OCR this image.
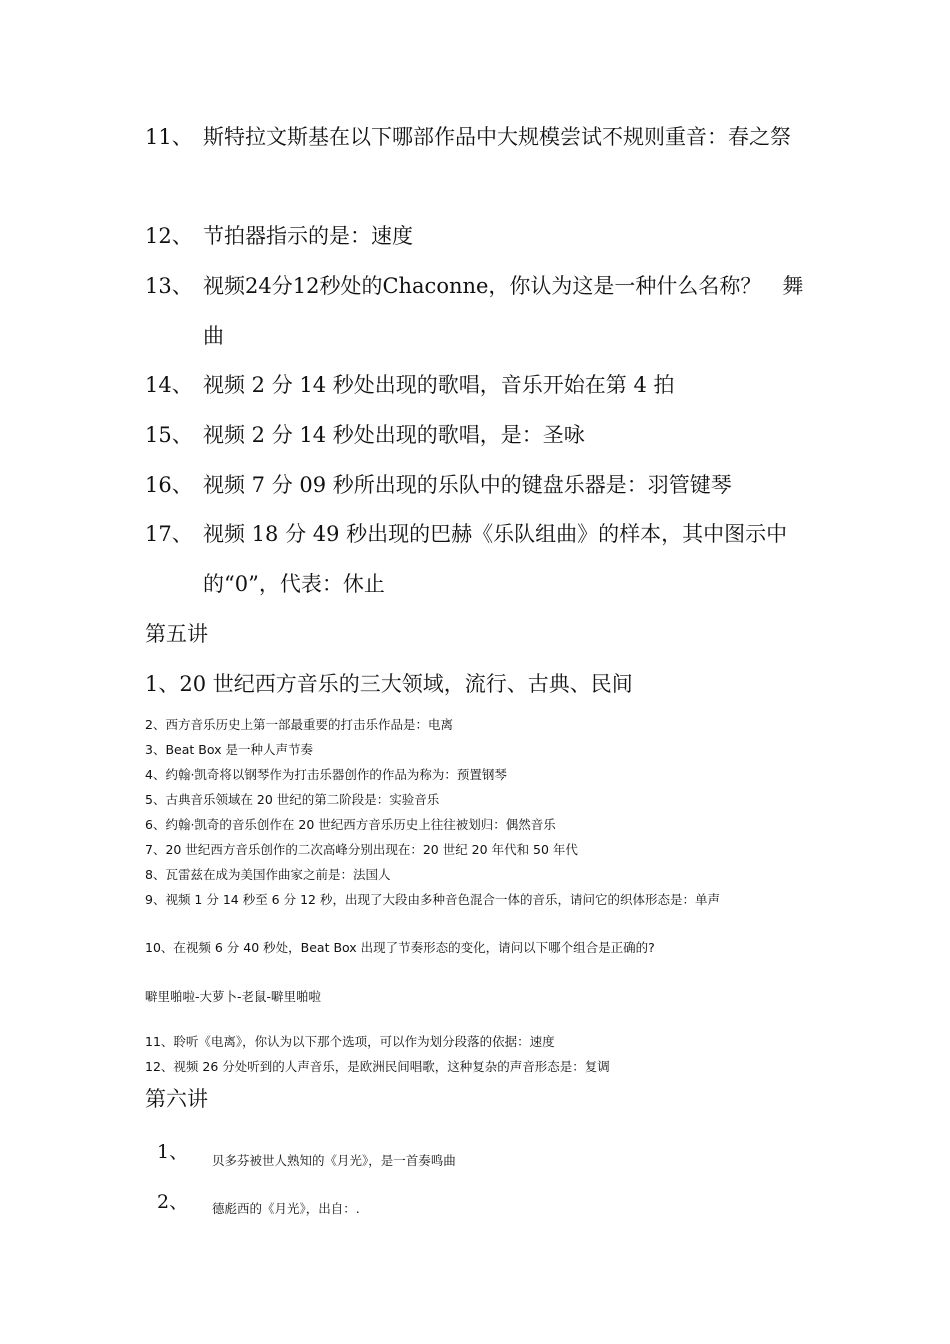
11、 斯特拉文斯基在以下哪部作品中大规模尝试不规则重音：春之祭
12、 节拍器指示的是：速度
13、 视频24分12秒处的Chaconne，你认为这是一种什么名称？　舞曲
14、 视频 2 分 14 秒处出现的歌唱，音乐开始在第 4 拍
15、 视频 2 分 14 秒处出现的歌唱，是：圣咏
16、 视频 7 分 09 秒所出现的乐队中的键盘乐器是：羽管键琴
17、 视频 18 分 49 秒出现的巴赫《乐队组曲》的样本，其中图示中的“0”，代表：休止
第五讲
1、20 世纪西方音乐的三大领域，流行、古典、民间
2、西方音乐历史上第一部最重要的打击乐作品是：电离
3、Beat Box 是一种人声节奏
4、约翰·凯奇将以钢琴作为打击乐器创作的作品为称为：预置钢琴
5、古典音乐领域在 20 世纪的第二阶段是：实验音乐
6、约翰·凯奇的音乐创作在 20 世纪西方音乐历史上往往被划归：偶然音乐
7、20 世纪西方音乐创作的二次高峰分别出现在：20 世纪 20 年代和 50 年代
8、瓦雷兹在成为美国作曲家之前是：法国人
9、视频 1 分 14 秒至 6 分 12 秒，出现了大段由多种音色混合一体的音乐，请问它的织体形态是：单声
10、在视频 6 分 40 秒处，Beat Box 出现了节奏形态的变化，请问以下哪个组合是正确的?
噼里啪啦-大萝卜-老鼠-噼里啪啦
11、聆听《电离》，你认为以下那个选项，可以作为划分段落的依据：速度
12、视频 26 分处听到的人声音乐，是欧洲民间唱歌，这种复杂的声音形态是：复调
第六讲
1、 贝多芬被世人熟知的《月光》，是一首奏鸣曲
2、 德彪西的《月光》，出自：.
